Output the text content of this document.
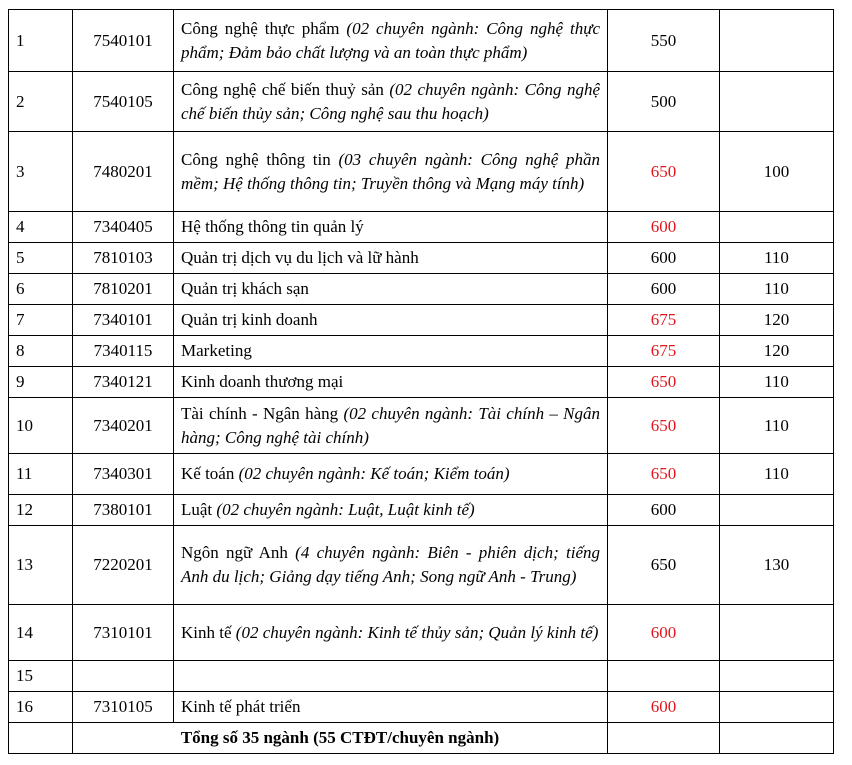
1	7540101	Công nghệ thực phẩm (02 chuyên ngành: Công nghệ thực phẩm; Đảm bảo chất lượng và an toàn thực phẩm)	550	
2	7540105	Công nghệ chế biến thuỷ sản (02 chuyên ngành: Công nghệ chế biến thủy sản; Công nghệ sau thu hoạch)	500	
3	7480201	Công nghệ thông tin (03 chuyên ngành: Công nghệ phần mềm; Hệ thống thông tin; Truyền thông và Mạng máy tính)	650	100
4	7340405	Hệ thống thông tin quản lý	600	
5	7810103	Quản trị dịch vụ du lịch và lữ hành	600	110
6	7810201	Quản trị khách sạn	600	110
7	7340101	Quản trị kinh doanh	675	120
8	7340115	Marketing	675	120
9	7340121	Kinh doanh thương mại	650	110
10	7340201	Tài chính - Ngân hàng (02 chuyên ngành: Tài chính – Ngân hàng; Công nghệ tài chính)	650	110
11	7340301	Kế toán (02 chuyên ngành: Kế toán; Kiểm toán)	650	110
12	7380101	Luật (02 chuyên ngành: Luật, Luật kinh tế)	600	
13	7220201	Ngôn ngữ Anh (4 chuyên ngành: Biên - phiên dịch; tiếng Anh du lịch; Giảng dạy tiếng Anh; Song ngữ Anh - Trung)	650	130
14	7310101	Kinh tế (02 chuyên ngành: Kinh tế thủy sản; Quản lý kinh tế)	600	
15				
16	7310105	Kinh tế phát triển	600	
	Tổng số 35 ngành (55 CTĐT/chuyên ngành)			
